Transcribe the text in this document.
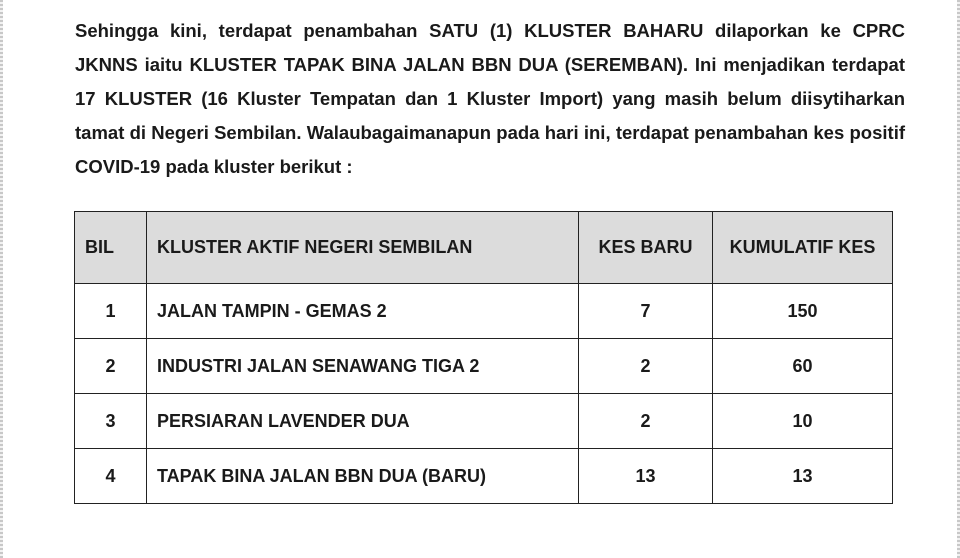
Sehingga kini, terdapat penambahan SATU (1) KLUSTER BAHARU dilaporkan ke CPRC JKNNS iaitu KLUSTER TAPAK BINA JALAN BBN DUA (SEREMBAN). Ini menjadikan terdapat 17 KLUSTER (16 Kluster Tempatan dan 1 Kluster Import) yang masih belum diisytiharkan tamat di Negeri Sembilan. Walaubagaimanapun pada hari ini, terdapat penambahan kes positif COVID-19 pada kluster berikut :

BIL	KLUSTER AKTIF NEGERI SEMBILAN	KES BARU	KUMULATIF KES
1	JALAN TAMPIN - GEMAS 2	7	150
2	INDUSTRI JALAN SENAWANG TIGA 2	2	60
3	PERSIARAN LAVENDER DUA	2	10
4	TAPAK BINA JALAN BBN DUA (BARU)	13	13
